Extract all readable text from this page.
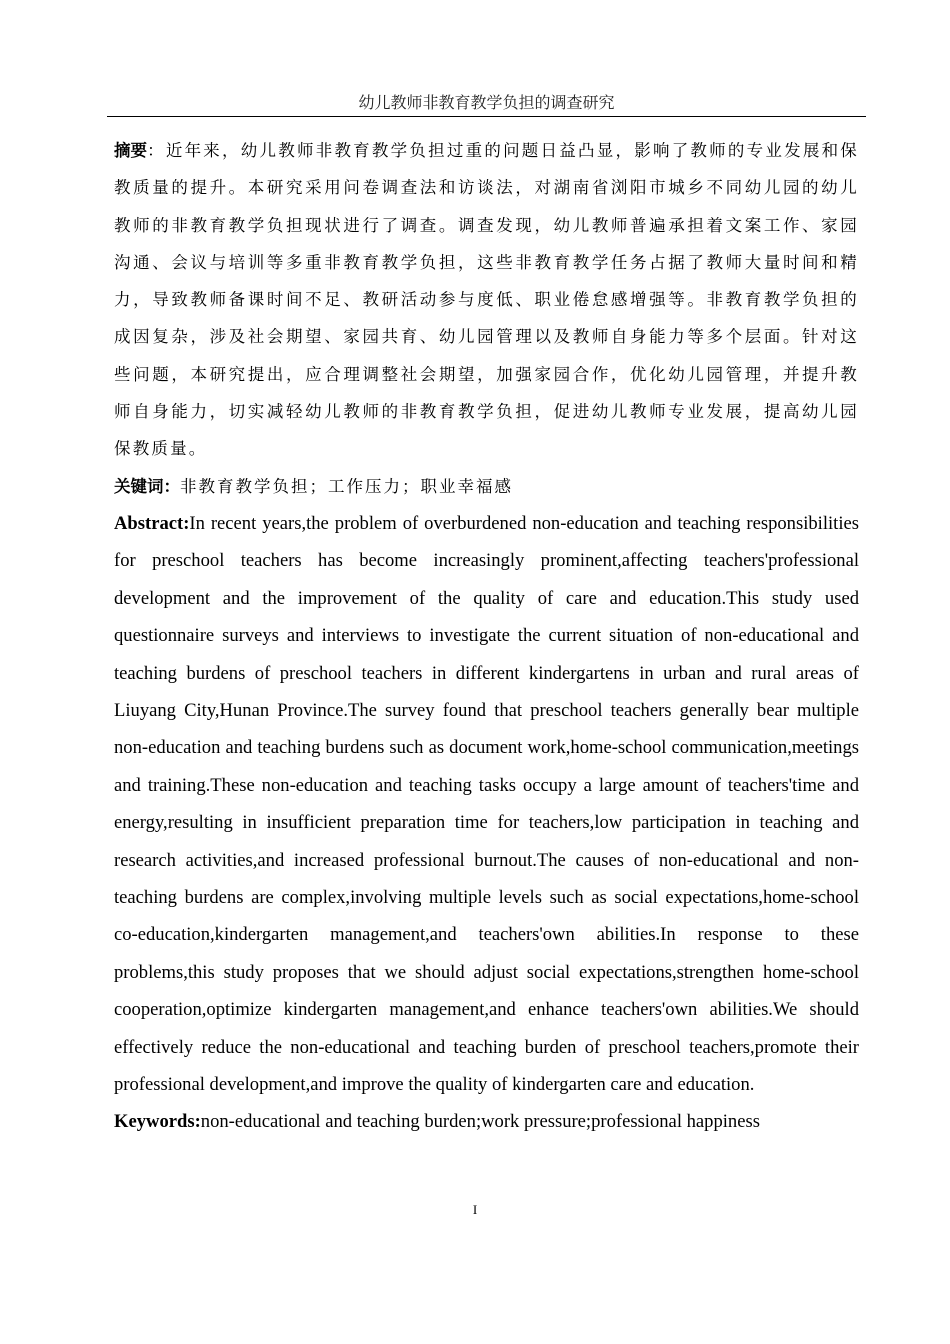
幼儿教师非教育教学负担的调查研究

摘要：近年来，幼儿教师非教育教学负担过重的问题日益凸显，影响了教师的专业发展和保教质量的提升。本研究采用问卷调查法和访谈法，对湖南省浏阳市城乡不同幼儿园的幼儿教师的非教育教学负担现状进行了调查。调查发现，幼儿教师普遍承担着文案工作、家园沟通、会议与培训等多重非教育教学负担，这些非教育教学任务占据了教师大量时间和精力，导致教师备课时间不足、教研活动参与度低、职业倦怠感增强等。非教育教学负担的成因复杂，涉及社会期望、家园共育、幼儿园管理以及教师自身能力等多个层面。针对这些问题，本研究提出，应合理调整社会期望，加强家园合作，优化幼儿园管理，并提升教师自身能力，切实减轻幼儿教师的非教育教学负担，促进幼儿教师专业发展，提高幼儿园保教质量。

关键词：非教育教学负担；工作压力；职业幸福感

Abstract:In recent years,the problem of overburdened non-education and teaching responsibilities for preschool teachers has become increasingly prominent,affecting teachers'professional development and the improvement of the quality of care and education.This study used questionnaire surveys and interviews to investigate the current situation of non-educational and teaching burdens of preschool teachers in different kindergartens in urban and rural areas of Liuyang City,Hunan Province.The survey found that preschool teachers generally bear multiple non-education and teaching burdens such as document work,home-school communication,meetings and training.These non-education and teaching tasks occupy a large amount of teachers'time and energy,resulting in insufficient preparation time for teachers,low participation in teaching and research activities,and increased professional burnout.The causes of non-educational and non-teaching burdens are complex,involving multiple levels such as social expectations,home-school co-education,kindergarten management,and teachers'own abilities.In response to these problems,this study proposes that we should adjust social expectations,strengthen home-school cooperation,optimize kindergarten management,and enhance teachers'own abilities.We should effectively reduce the non-educational and teaching burden of preschool teachers,promote their professional development,and improve the quality of kindergarten care and education.

Keywords:non-educational and teaching burden;work pressure;professional happiness

I
